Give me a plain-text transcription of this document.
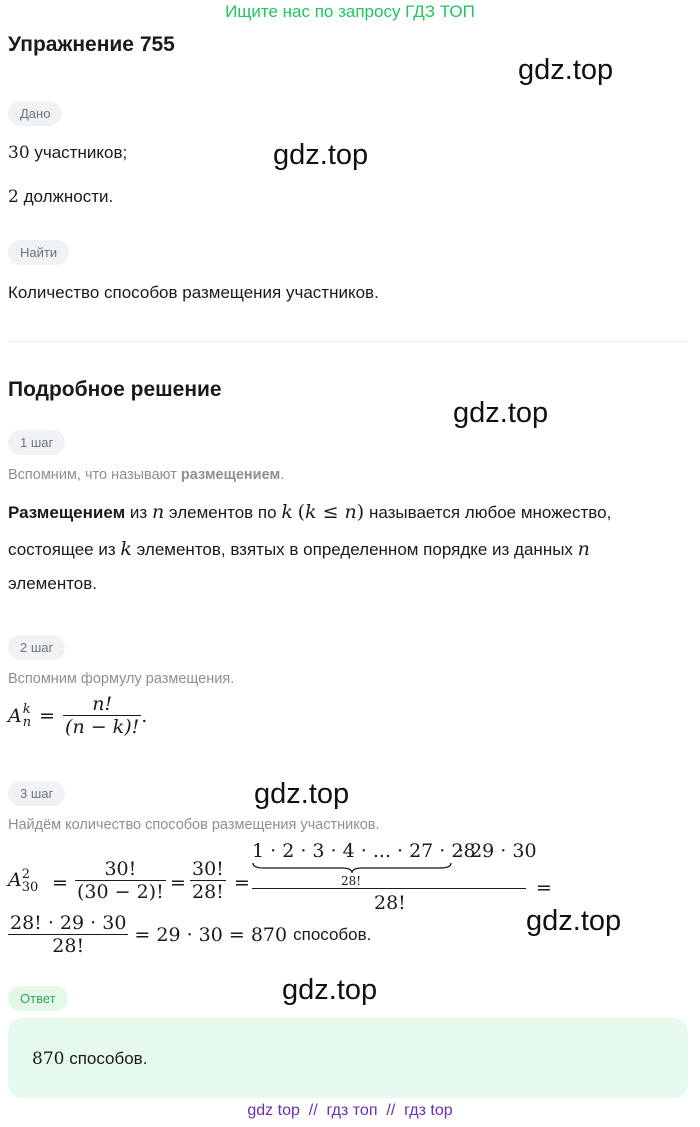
Ищите нас по запросу ГДЗ ТОП
Упражнение 755
gdz.top
gdz.top
gdz.top
gdz.top
gdz.top
gdz.top
Дано
30 участников;
2 должности.
Найти
Количество способов размещения участников.
Подробное решение
1 шаг
Вспомним, что называют размещением.
Размещением из n элементов по k (k ≤ n) называется любое множество,
состоящее из k элементов, взятых в определенном порядке из данных n
элементов.
2 шаг
Вспомним формулу размещения.
A k
$n = \frac{n!}{(n - k)!}$ .
3 шаг
Найдём количество способов размещения участников.
A 2
$30 = \frac{30!}{(30 - 2)!} = \frac{30!}{28!}$ =
1 · 2 · 3 · 4 · ... · 27 · 28
28!
· 29 · 30
28!
=
$\frac{28! \cdot 29 \cdot 30}{28!} = 29 \cdot 30 = 870$ способов.
Ответ
870 способов.
gdz top  //  гдз топ  //  гдз top
